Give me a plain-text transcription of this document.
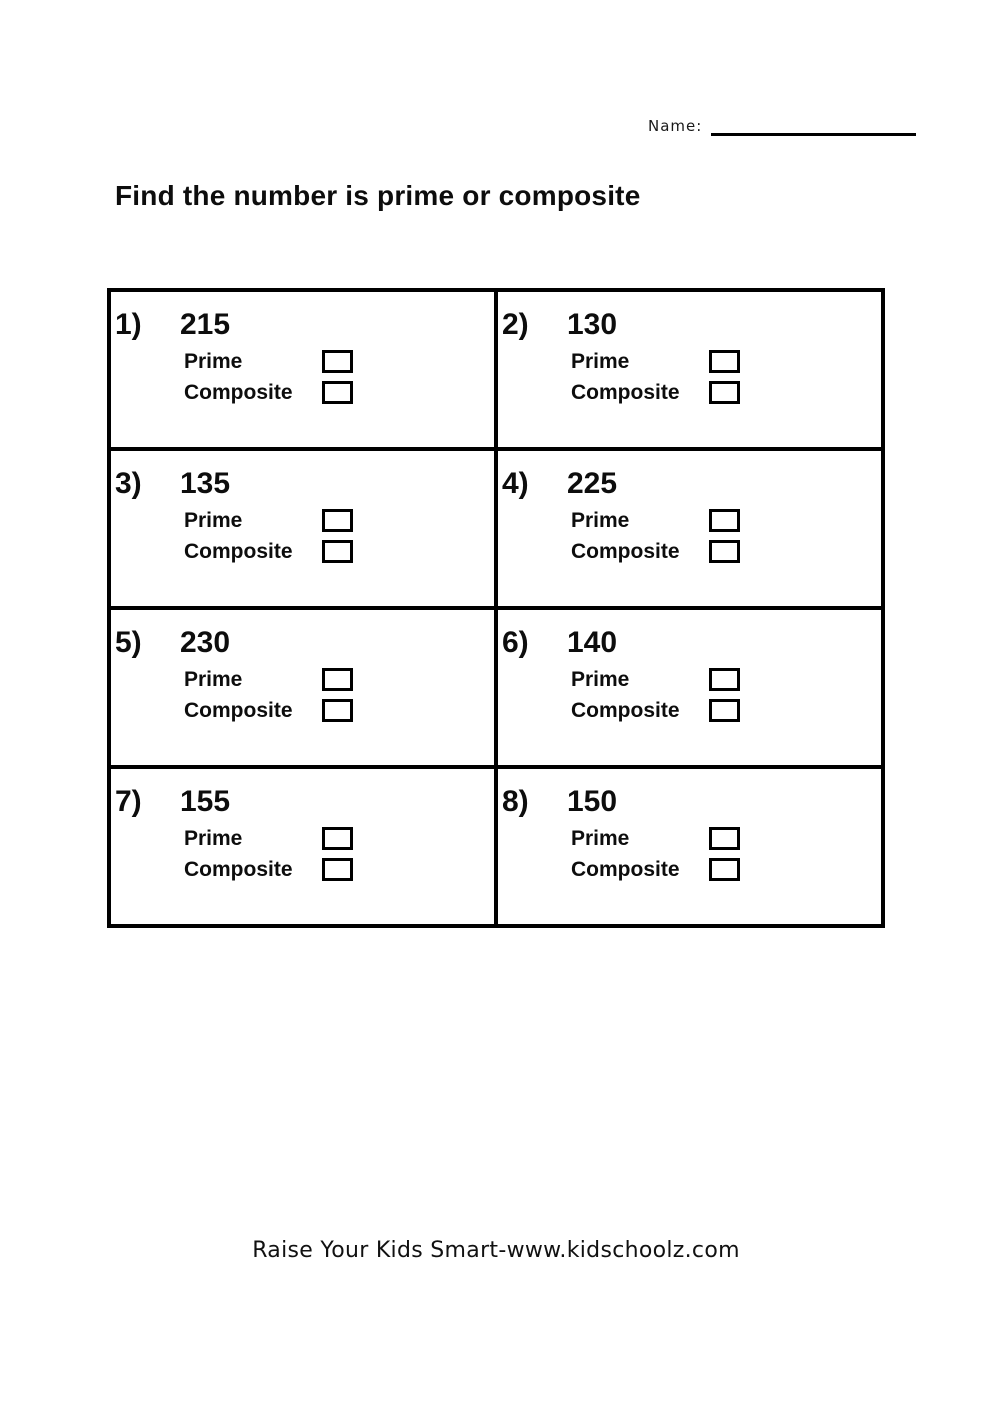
Name:
Find the number is prime or composite
1)	215
Prime
Composite

2)	130
Prime
Composite

3)	135
Prime
Composite

4)	225
Prime
Composite

5)	230
Prime
Composite

6)	140
Prime
Composite

7)	155
Prime
Composite

8)	150
Prime
Composite
Raise Your Kids Smart-www.kidschoolz.com
